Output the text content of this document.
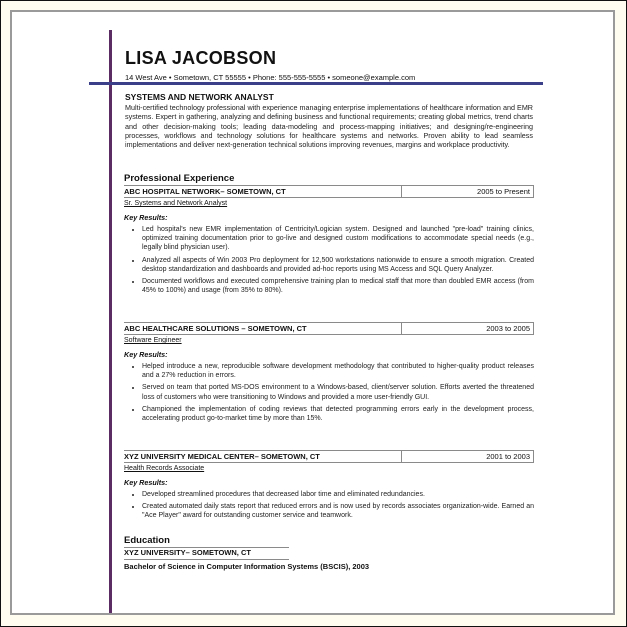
LISA JACOBSON
14 West Ave • Sometown, CT 55555 • Phone: 555-555-5555 • someone@example.com
SYSTEMS AND NETWORK ANALYST
Multi-certified technology professional with experience managing enterprise implementations of healthcare information and EMR systems. Expert in gathering, analyzing and defining business and functional requirements; creating global metrics, trend charts and other decision-making tools; leading data-modeling and process-mapping initiatives; and designing/re-engineering processes, workflows and technology solutions for healthcare systems and networks. Proven ability to lead seamless implementations and deliver next-generation technical solutions improving revenues, margins and workplace productivity.
Professional Experience
ABC HOSPITAL NETWORK– SOMETOWN, CT	2005 to Present
Sr. Systems and Network Analyst
Key Results:
• Led hospital's new EMR implementation of Centricity/Logician system. Designed and launched "pre-load" training clinics, optimized training documentation prior to go-live and designed custom modifications to accommodate special needs (e.g., legally blind physician user).
• Analyzed all aspects of Win 2003 Pro deployment for 12,500 workstations nationwide to ensure a smooth migration. Created desktop standardization and dashboards and provided ad-hoc reports using MS Access and SQL Query Analyzer.
• Documented workflows and executed comprehensive training plan to medical staff that more than doubled EMR access (from 45% to 100%) and usage (from 35% to 80%).
ABC HEALTHCARE SOLUTIONS – SOMETOWN, CT	2003 to 2005
Software Engineer
Key Results:
• Helped introduce a new, reproducible software development methodology that contributed to higher-quality product releases and a 27% reduction in errors.
• Served on team that ported MS-DOS environment to a Windows-based, client/server solution. Efforts averted the threatened loss of customers who were transitioning to Windows and provided a more user-friendly GUI.
• Championed the implementation of coding reviews that detected programming errors early in the development process, accelerating product go-to-market time by more than 15%.
XYZ UNIVERSITY MEDICAL CENTER– SOMETOWN, CT	2001 to 2003
Health Records Associate
Key Results:
• Developed streamlined procedures that decreased labor time and eliminated redundancies.
• Created automated daily stats report that reduced errors and is now used by records associates organization-wide. Earned an "Ace Player" award for outstanding customer service and teamwork.
Education
XYZ UNIVERSITY– SOMETOWN, CT
Bachelor of Science in Computer Information Systems (BSCIS), 2003
